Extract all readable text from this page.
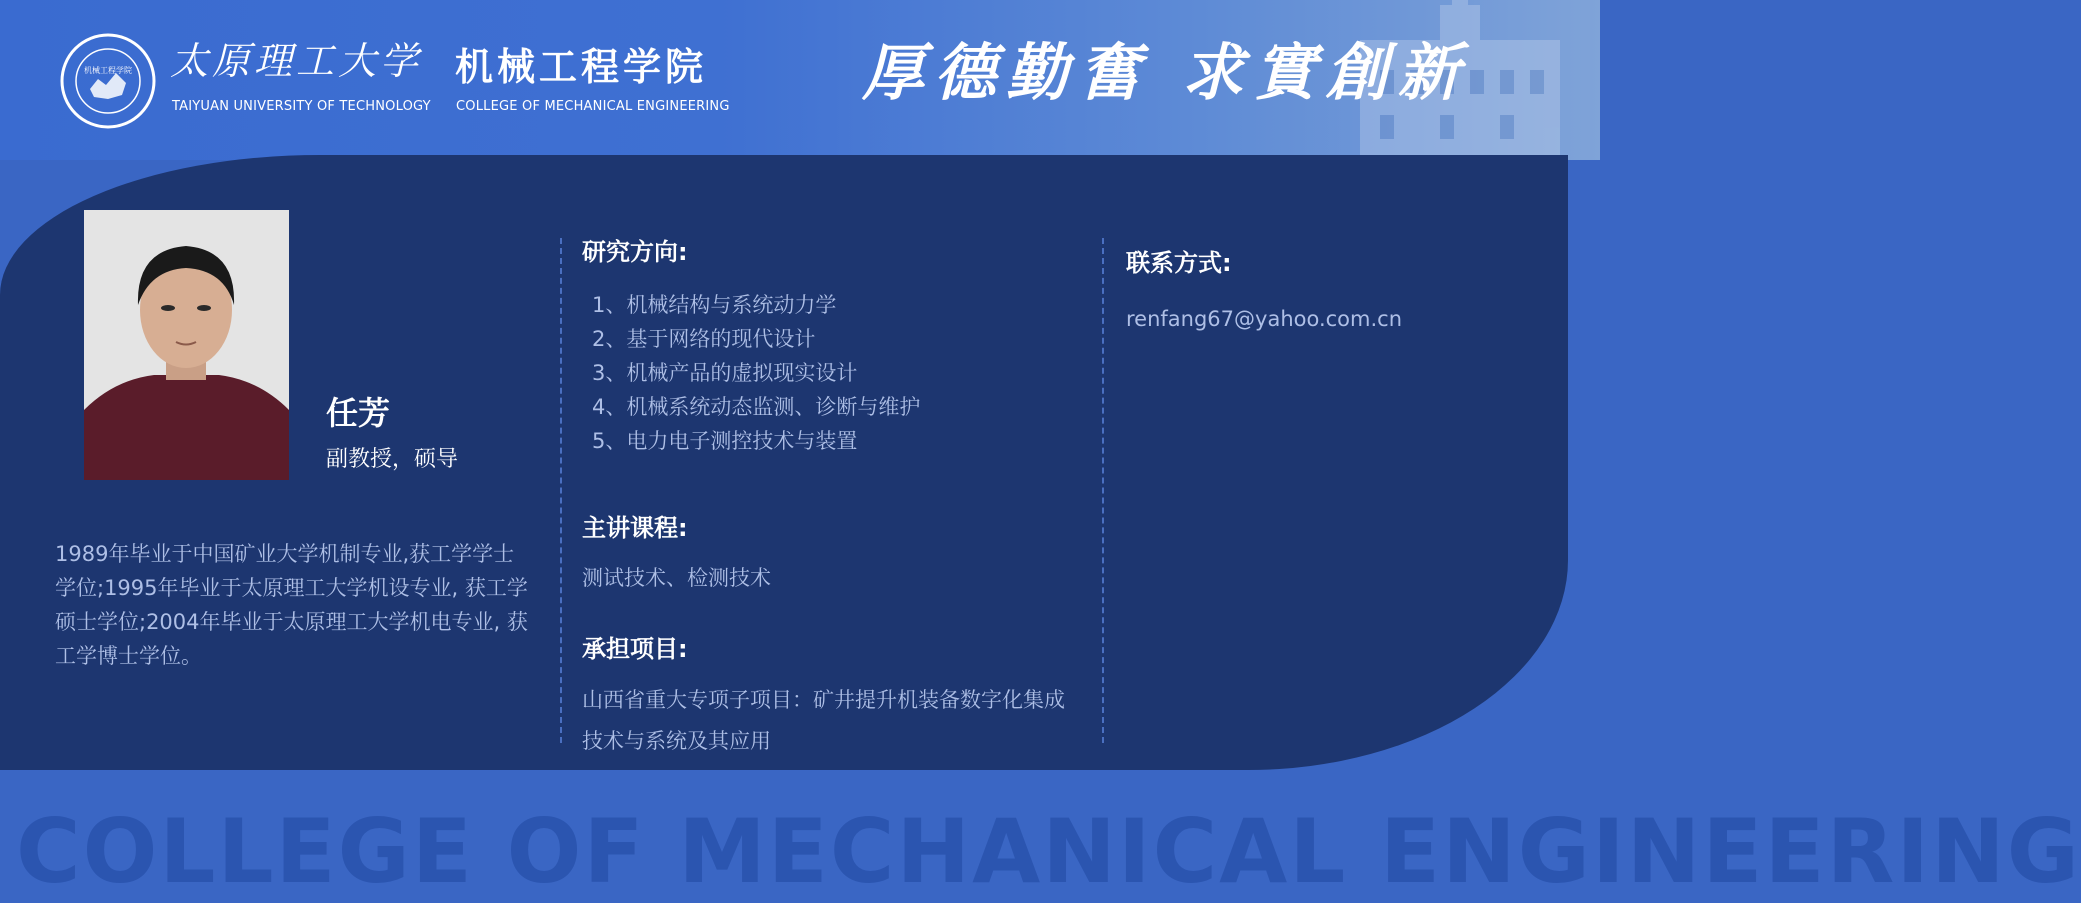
机械工程学院 太原理工大学
TAIYUAN UNIVERSITY OF TECHNOLOGY
机械工程学院
COLLEGE OF MECHANICAL ENGINEERING 厚德勤奮 求實創新
任芳
副教授，硕导
1989年毕业于中国矿业大学机制专业,获工学学士学位;1995年毕业于太原理工大学机设专业, 获工学硕士学位;2004年毕业于太原理工大学机电专业, 获工学博士学位。
研究方向:
1、机械结构与系统动力学
2、基于网络的现代设计
3、机械产品的虚拟现实设计
4、机械系统动态监测、诊断与维护
5、电力电子测控技术与装置
主讲课程:
测试技术、检测技术
承担项目:
山西省重大专项子项目：矿井提升机装备数字化集成技术与系统及其应用
联系方式:
renfang67@yahoo.com.cn
COLLEGE OF MECHANICAL ENGINEERING
